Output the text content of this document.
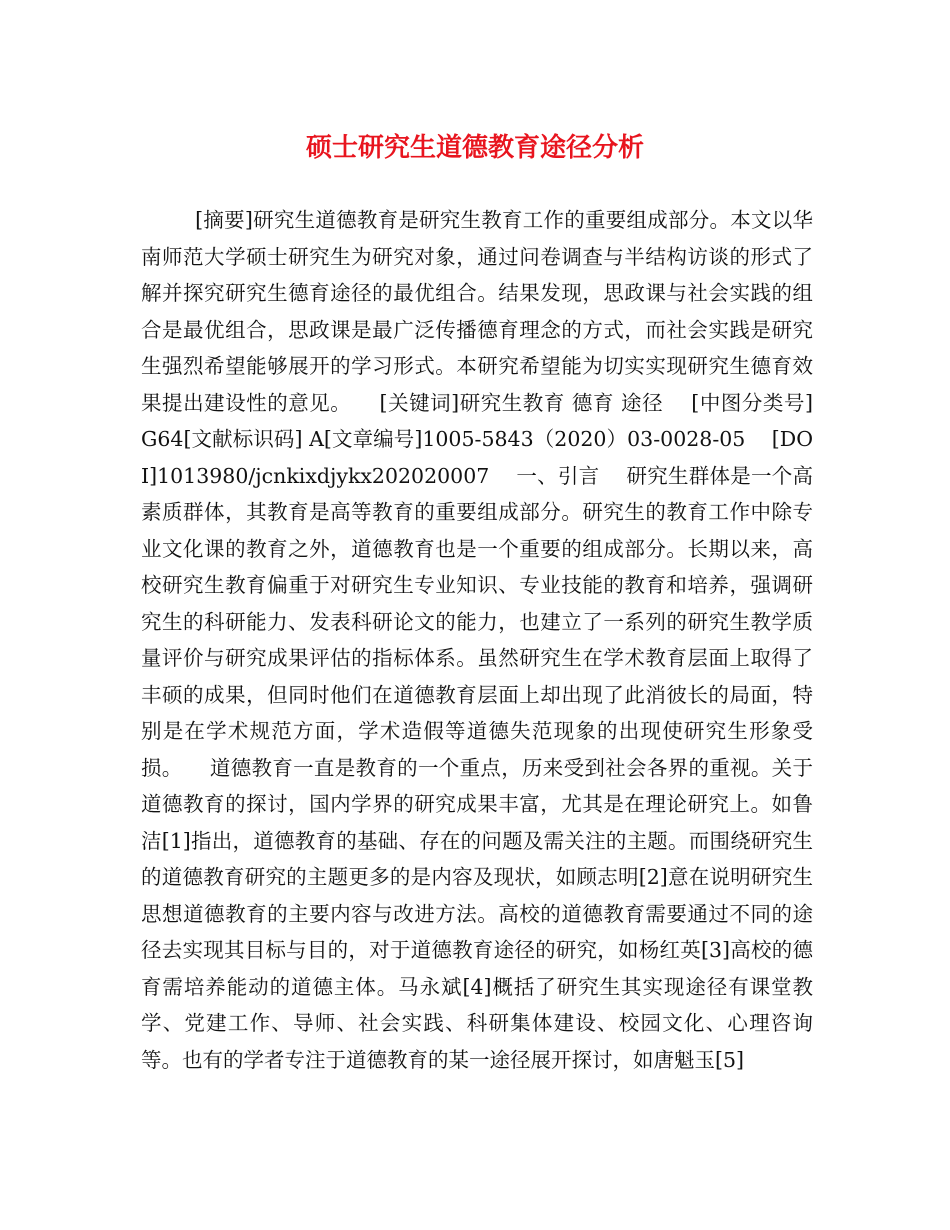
硕士研究生道德教育途径分析

[摘要]研究生道德教育是研究生教育工作的重要组成部分。本文以华南师范大学硕士研究生为研究对象，通过问卷调查与半结构访谈的形式了解并探究研究生德育途径的最优组合。结果发现，思政课与社会实践的组合是最优组合，思政课是最广泛传播德育理念的方式，而社会实践是研究生强烈希望能够展开的学习形式。本研究希望能为切实实现研究生德育效果提出建设性的意见。    [关键词]研究生教育 德育 途径    [中图分类号] G64[文献标识码] A[文章编号]1005-5843（2020）03-0028-05    [DOI]1013980/jcnkixdjykx202020007    一、引言    研究生群体是一个高素质群体，其教育是高等教育的重要组成部分。研究生的教育工作中除专业文化课的教育之外，道德教育也是一个重要的组成部分。长期以来，高校研究生教育偏重于对研究生专业知识、专业技能的教育和培养，强调研究生的科研能力、发表科研论文的能力，也建立了一系列的研究生教学质量评价与研究成果评估的指标体系。虽然研究生在学术教育层面上取得了丰硕的成果，但同时他们在道德教育层面上却出现了此消彼长的局面，特别是在学术规范方面，学术造假等道德失范现象的出现使研究生形象受损。    道德教育一直是教育的一个重点，历来受到社会各界的重视。关于道德教育的探讨，国内学界的研究成果丰富，尤其是在理论研究上。如鲁洁[1]指出，道德教育的基础、存在的问题及需关注的主题。而围绕研究生的道德教育研究的主题更多的是内容及现状，如顾志明[2]意在说明研究生思想道德教育的主要内容与改进方法。高校的道德教育需要通过不同的途径去实现其目标与目的，对于道德教育途径的研究，如杨红英[3]高校的德育需培养能动的道德主体。马永斌[4]概括了研究生其实现途径有课堂教学、党建工作、导师、社会实践、科研集体建设、校园文化、心理咨询等。也有的学者专注于道德教育的某一途径展开探讨，如唐魁玉[5]
